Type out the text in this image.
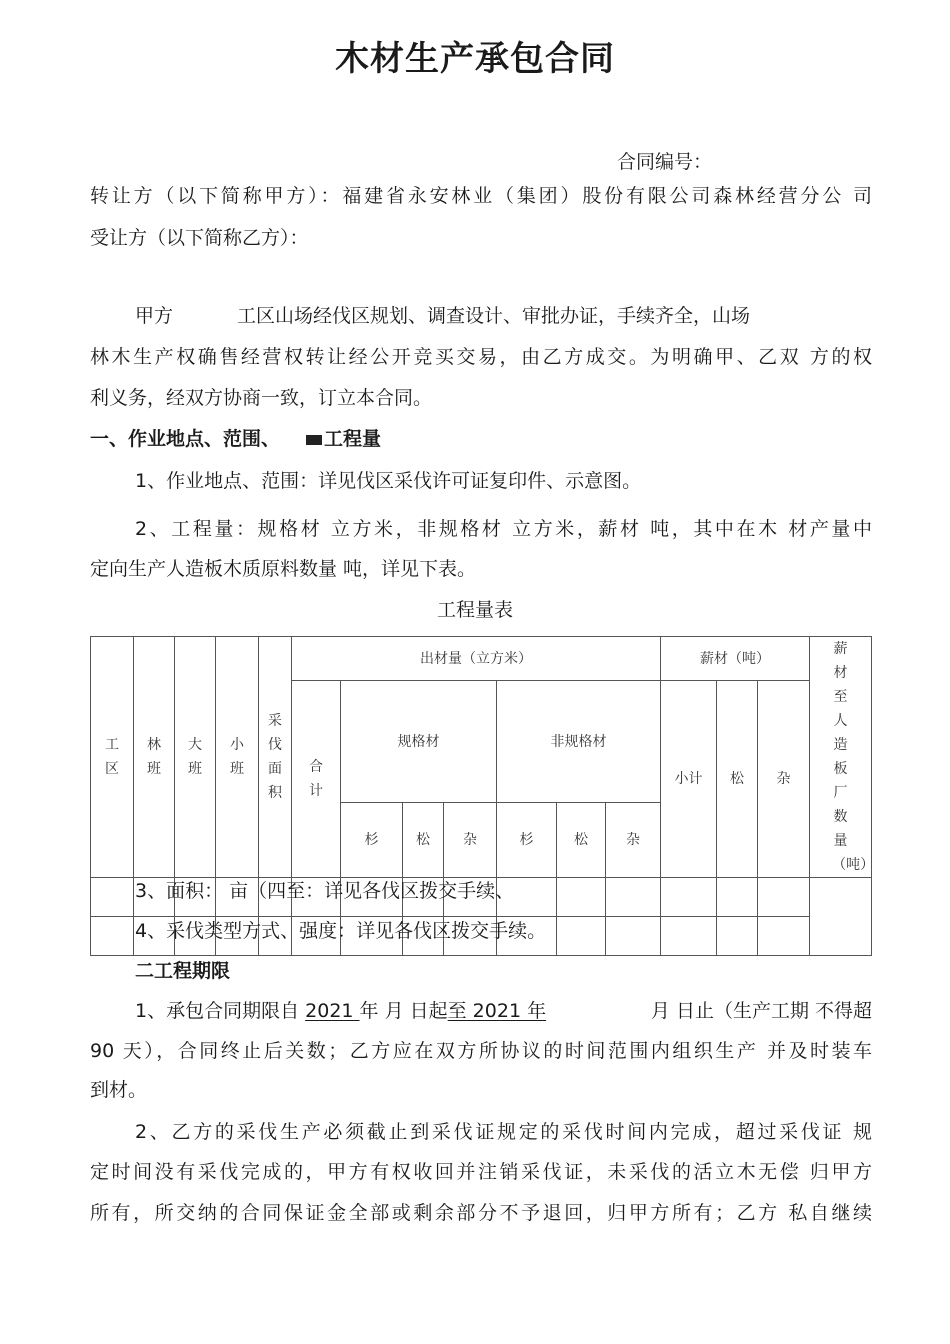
木材生产承包合同
合同编号：
转让方（以下简称甲方）：福建省永安林业（集团）股份有限公司森林经营分公 司
受让方（以下简称乙方）：
甲方	工区山场经伐区规划、调查设计、审批办证，手续齐全，山场
林木生产权确售经营权转让经公开竞买交易，由乙方成交。为明确甲、乙双 方的权
利义务，经双方协商一致，订立本合同。
一、作业地点、范围、 工程量
1、作业地点、范围：详见伐区采伐许可证复印件、示意图。
2、工程量：规格材 立方米，非规格材 立方米，薪材 吨，其中在木 材产量中
定向生产人造板木质原料数量 吨，详见下表。
工程量表
工区	林班	大班	小班	采伐面积	出材量（立方米）							薪材（吨）			薪材至人造板厂数量（吨）
					合计	规格材			非规格材			小计	松	杂	
						杉	松	杂	杉	松	杂				

3、面积： 亩（四至：详见各伐区拨交手续、
4、采伐类型方式、强度：详见各伐区拨交手续。
二工程期限
1、承包合同期限自 2021 年 月 日起至 2021 年	月 日止（生产工期 不得超
90 天），合同终止后关数；乙方应在双方所协议的时间范围内组织生产 并及时装车
到材。
2、乙方的采伐生产必须截止到采伐证规定的采伐时间内完成，超过采伐证 规
定时间没有采伐完成的，甲方有权收回并注销采伐证，未采伐的活立木无偿 归甲方
所有，所交纳的合同保证金全部或剩余部分不予退回，归甲方所有；乙方 私自继续
